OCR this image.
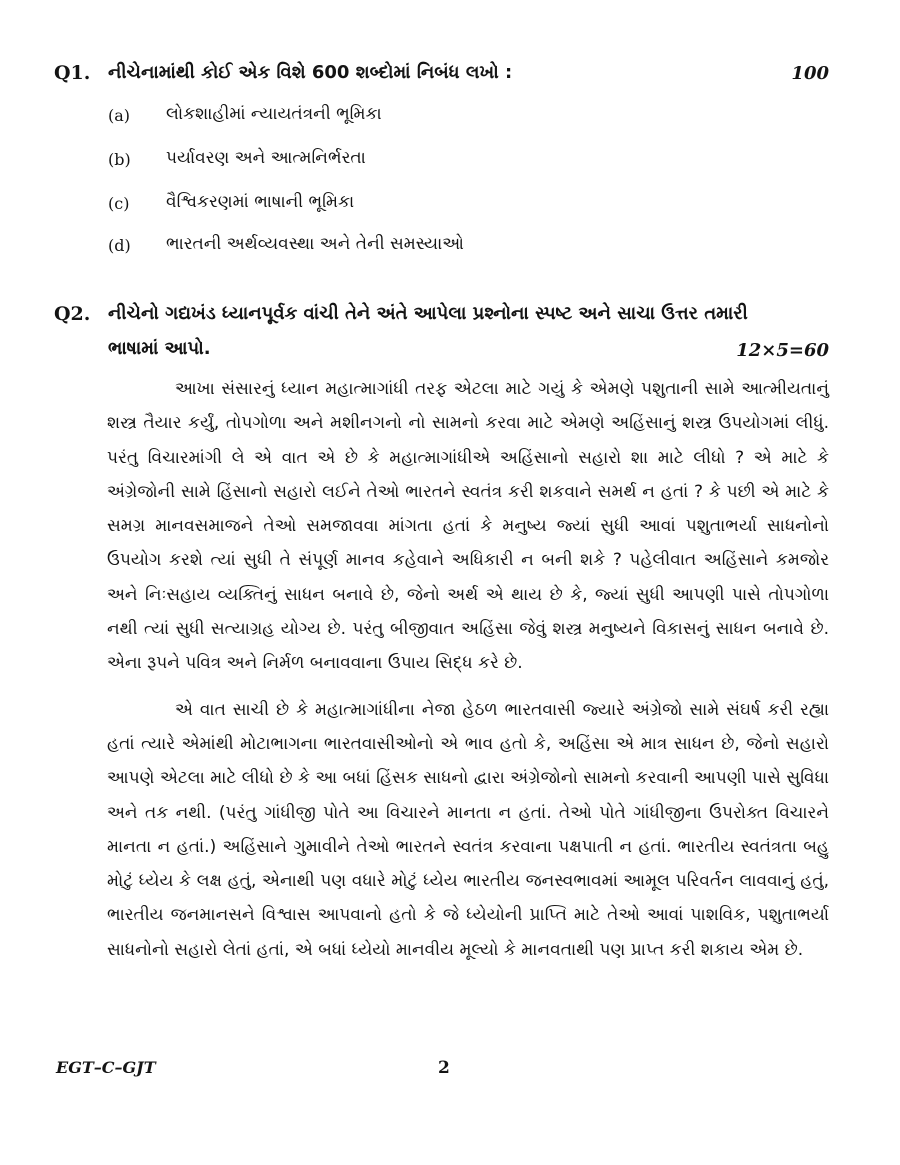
Q1. નીચેનામાંથી કોઈ એક વિશે 600 શબ્દોમાં નિબંધ લખો :	100
(a) લોકશાહીમાં ન્યાયતંત્રની ભૂમિકા
(b) પર્યાવરણ અને આત્મનિર્ભરતા
(c) વૈશ્વિકરણમાં ભાષાની ભૂમિકા
(d) ભારતની અર્થવ્યવસ્થા અને તેની સમસ્યાઓ
Q2. નીચેનો ગદ્યખંડ ધ્યાનપૂર્વક વાંચી તેને અંતે આપેલા પ્રશ્નોના સ્પષ્ટ અને સાચા ઉત્તર તમારી
ભાષામાં આપો.	12×5=60

આખા સંસારનું ધ્યાન મહાત્માગાંધી તરફ એટલા માટે ગયું કે એમણે પશુતાની સામે આત્મીયતાનું શસ્ત્ર તૈયાર કર્યું, તોપગોળા અને મશીનગનો નો સામનો કરવા માટે એમણે અહિંસાનું શસ્ત્ર ઉપયોગમાં લીધું. પરંતુ વિચારમાંગી લે એ વાત એ છે કે મહાત્માગાંધીએ અહિંસાનો સહારો શા માટે લીધો ? એ માટે કે અંગ્રેજોની સામે હિંસાનો સહારો લઈને તેઓ ભારતને સ્વતંત્ર કરી શકવાને સમર્થ ન હતાં ? કે પછી એ માટે કે સમગ્ર માનવસમાજને તેઓ સમજાવવા માંગતા હતાં કે મનુષ્ય જ્યાં સુધી આવાં પશુતાભર્યા સાધનોનો ઉપયોગ કરશે ત્યાં સુધી તે સંપૂર્ણ માનવ કહેવાને અધિકારી ન બની શકે ? પહેલીવાત અહિંસાને કમજોર અને નિઃસહાય વ્યક્તિનું સાધન બનાવે છે, જેનો અર્થ એ થાય છે કે, જ્યાં સુધી આપણી પાસે તોપગોળા નથી ત્યાં સુધી સત્યાગ્રહ યોગ્ય છે. પરંતુ બીજીવાત અહિંસા જેવું શસ્ત્ર મનુષ્યને વિકાસનું સાધન બનાવે છે. એના રૂપને પવિત્ર અને નિર્મળ બનાવવાના ઉપાય સિદ્ધ કરે છે.

એ વાત સાચી છે કે મહાત્માગાંધીના નેજા હેઠળ ભારતવાસી જ્યારે અંગ્રેજો સામે સંઘર્ષ કરી રહ્યા હતાં ત્યારે એમાંથી મોટાભાગના ભારતવાસીઓનો એ ભાવ હતો કે, અહિંસા એ માત્ર સાધન છે, જેનો સહારો આપણે એટલા માટે લીધો છે કે આ બધાં હિંસક સાધનો દ્વારા અંગ્રેજોનો સામનો કરવાની આપણી પાસે સુવિધા અને તક નથી. (પરંતુ ગાંધીજી પોતે આ વિચારને માનતા ન હતાં. તેઓ પોતે ગાંધીજીના ઉપરોક્ત વિચારને માનતા ન હતાં.) અહિંસાને ગુમાવીને તેઓ ભારતને સ્વતંત્ર કરવાના પક્ષપાતી ન હતાં. ભારતીય સ્વતંત્રતા બહુ મોટું ધ્યેય કે લક્ષ હતું, એનાથી પણ વધારે મોટું ધ્યેય ભારતીય જનસ્વભાવમાં આમૂલ પરિવર્તન લાવવાનું હતું, ભારતીય જનમાનસને વિશ્વાસ આપવાનો હતો કે જે ધ્યેયોની પ્રાપ્તિ માટે તેઓ આવાં પાશવિક, પશુતાભર્યા સાધનોનો સહારો લેતાં હતાં, એ બધાં ધ્યેયો માનવીય મૂલ્યો કે માનવતાથી પણ પ્રાપ્ત કરી શકાય એમ છે.

EGT–C–GJT	2
